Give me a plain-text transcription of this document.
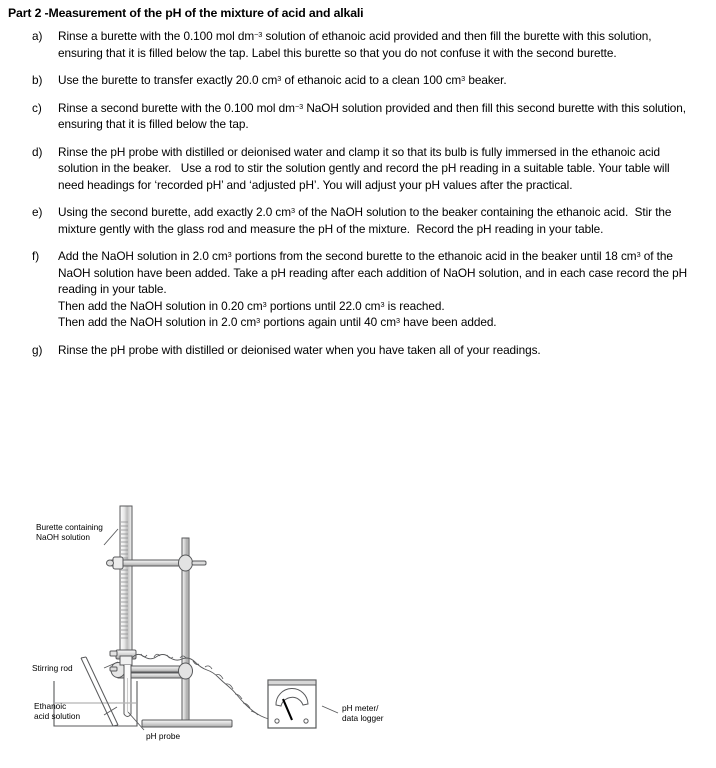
Part 2 -Measurement of the pH of the mixture of acid and alkali
a)	Rinse a burette with the 0.100 mol $dm^{-3}$ solution of ethanoic acid provided and then fill the burette with this solution, ensuring that it is filled below the tap. Label this burette so that you do not confuse it with the second burette.
b)	Use the burette to transfer exactly 20.0 $cm^3$ of ethanoic acid to a clean 100 $cm^3$ beaker.
c)	Rinse a second burette with the 0.100 mol $dm^{-3}$ NaOH solution provided and then fill this second burette with this solution, ensuring that it is filled below the tap.
d)	Rinse the pH probe with distilled or deionised water and clamp it so that its bulb is fully immersed in the ethanoic acid solution in the beaker.   Use a rod to stir the solution gently and record the pH reading in a suitable table. Your table will need headings for ‘recorded pH’ and ‘adjusted pH’. You will adjust your pH values after the practical.
e)	Using the second burette, add exactly 2.0 $cm^3$ of the NaOH solution to the beaker containing the ethanoic acid.  Stir the mixture gently with the glass rod and measure the pH of the mixture.  Record the pH reading in your table.
f)	Add the NaOH solution in 2.0 $cm^3$ portions from the second burette to the ethanoic acid in the beaker until 18 $cm^3$ of the NaOH solution have been added. Take a pH reading after each addition of NaOH solution, and in each case record the pH reading in your table.
Then add the NaOH solution in 0.20 $cm^3$ portions until 22.0 $cm^3$ is reached.
Then add the NaOH solution in 2.0 $cm^3$ portions again until 40 $cm^3$ have been added.
g)	Rinse the pH probe with distilled or deionised water when you have taken all of your readings.
Burette containing
NaOH solution
Stirring rod
Ethanoic
acid solution
pH probe
pH meter/
data logger
